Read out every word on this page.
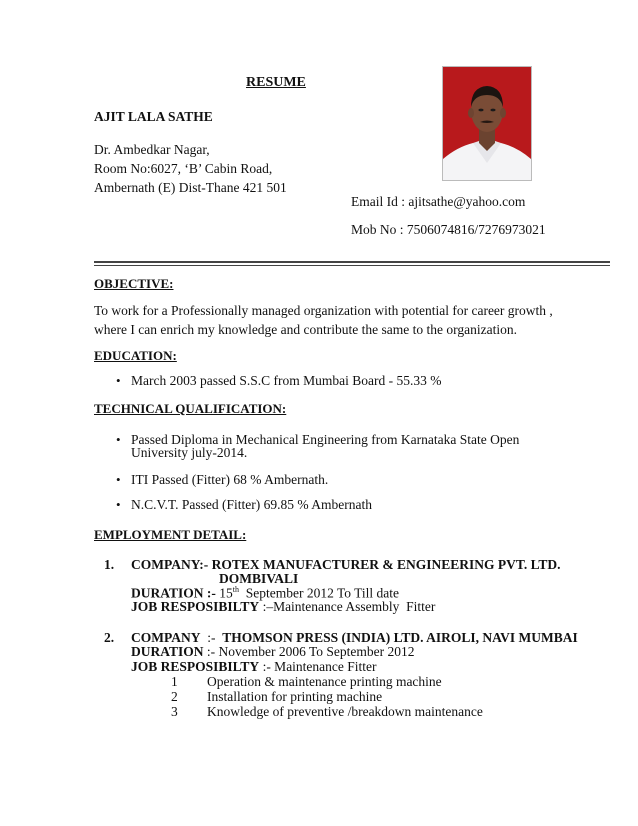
RESUME
AJIT LALA SATHE
Dr. Ambedkar Nagar,
Room No:6027, ‘B’ Cabin Road,
Ambernath (E) Dist-Thane 421 501
Email Id : ajitsathe@yahoo.com
Mob No : 7506074816/7276973021
OBJECTIVE:
To work for a Professionally managed organization with potential for career growth ,
where I can enrich my knowledge and contribute the same to the organization.
EDUCATION:
• March 2003 passed S.S.C from Mumbai Board - 55.33 %
TECHNICAL QUALIFICATION:
• Passed Diploma in Mechanical Engineering from Karnataka State Open
University july-2014.
• ITI Passed (Fitter) 68 % Ambernath.
• N.C.V.T. Passed (Fitter) 69.85 % Ambernath
EMPLOYMENT DETAIL:
1. COMPANY:- ROTEX MANUFACTURER & ENGINEERING PVT. LTD.
DOMBIVALI
DURATION :- 15th  September 2012 To Till date
JOB RESPOSIBILTY :–Maintenance Assembly  Fitter
2. COMPANY  :-  THOMSON PRESS (INDIA) LTD. AIROLI, NAVI MUMBAI
DURATION :- November 2006 To September 2012
JOB RESPOSIBILTY :- Maintenance Fitter
1 Operation & maintenance printing machine
2 Installation for printing machine
3 Knowledge of preventive /breakdown maintenance
